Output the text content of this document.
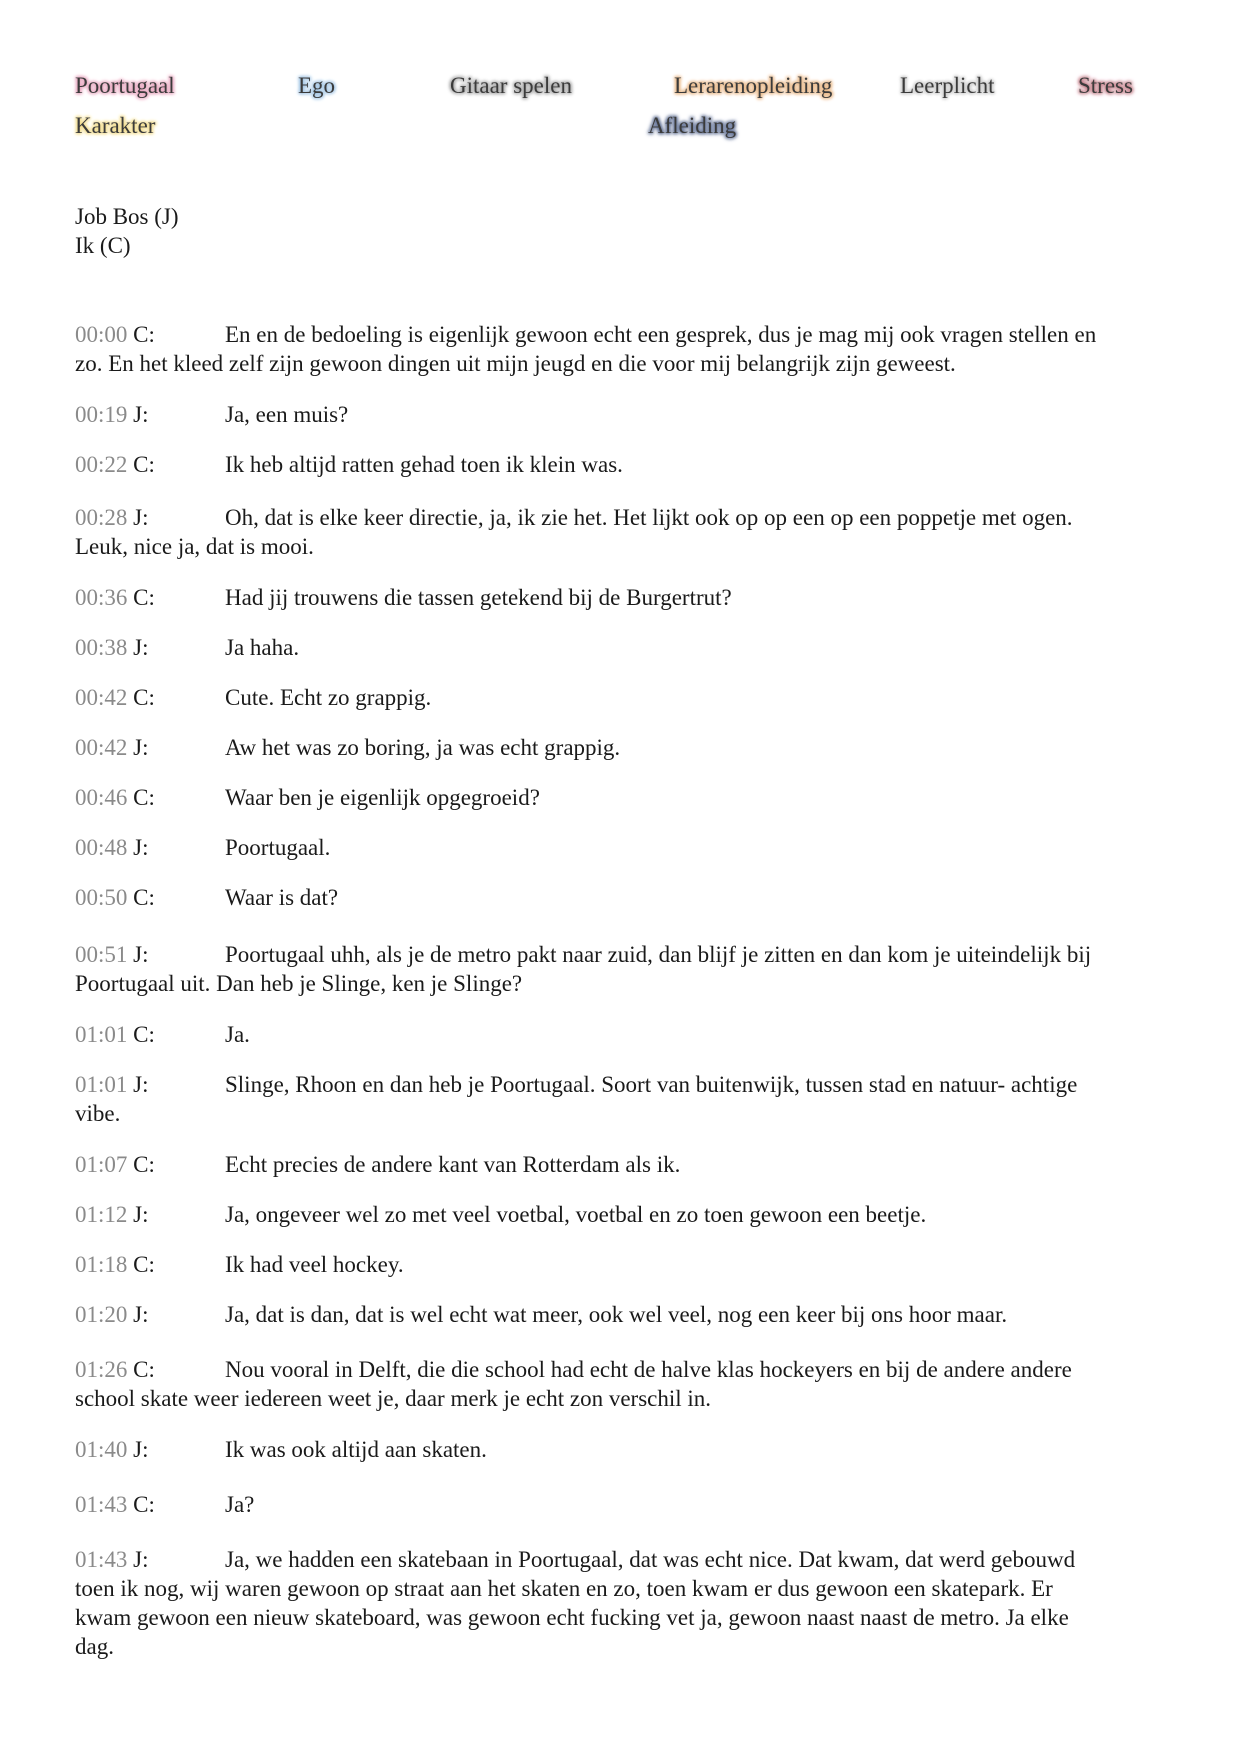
Poortugaal	Ego	Gitaar spelen	Lerarenopleiding	Leerplicht	Stress
Karakter	Afleiding
Job Bos (J)
Ik (C)
00:00 C:	En en de bedoeling is eigenlijk gewoon echt een gesprek, dus je mag mij ook vragen stellen en
zo. En het kleed zelf zijn gewoon dingen uit mijn jeugd en die voor mij belangrijk zijn geweest.
00:19 J:	Ja, een muis?
00:22 C:	Ik heb altijd ratten gehad toen ik klein was.
00:28 J:	Oh, dat is elke keer directie, ja, ik zie het. Het lijkt ook op op een op een poppetje met ogen.
Leuk, nice ja, dat is mooi.
00:36 C:	Had jij trouwens die tassen getekend bij de Burgertrut?
00:38 J:	Ja haha.
00:42 C:	Cute. Echt zo grappig.
00:42 J:	Aw het was zo boring, ja was echt grappig.
00:46 C:	Waar ben je eigenlijk opgegroeid?
00:48 J:	Poortugaal.
00:50 C:	Waar is dat?
00:51 J:	Poortugaal uhh, als je de metro pakt naar zuid, dan blijf je zitten en dan kom je uiteindelijk bij
Poortugaal uit. Dan heb je Slinge, ken je Slinge?
01:01 C:	Ja.
01:01 J:	Slinge, Rhoon en dan heb je Poortugaal. Soort van buitenwijk, tussen stad en natuur- achtige
vibe.
01:07 C:	Echt precies de andere kant van Rotterdam als ik.
01:12 J:	Ja, ongeveer wel zo met veel voetbal, voetbal en zo toen gewoon een beetje.
01:18 C:	Ik had veel hockey.
01:20 J:	Ja, dat is dan, dat is wel echt wat meer, ook wel veel, nog een keer bij ons hoor maar.
01:26 C:	Nou vooral in Delft, die die school had echt de halve klas hockeyers en bij de andere andere
school skate weer iedereen weet je, daar merk je echt zon verschil in.
01:40 J:	Ik was ook altijd aan skaten.
01:43 C:	Ja?
01:43 J:	Ja, we hadden een skatebaan in Poortugaal, dat was echt nice. Dat kwam, dat werd gebouwd
toen ik nog, wij waren gewoon op straat aan het skaten en zo, toen kwam er dus gewoon een skatepark. Er
kwam gewoon een nieuw skateboard, was gewoon echt fucking vet ja, gewoon naast naast de metro. Ja elke
dag.
